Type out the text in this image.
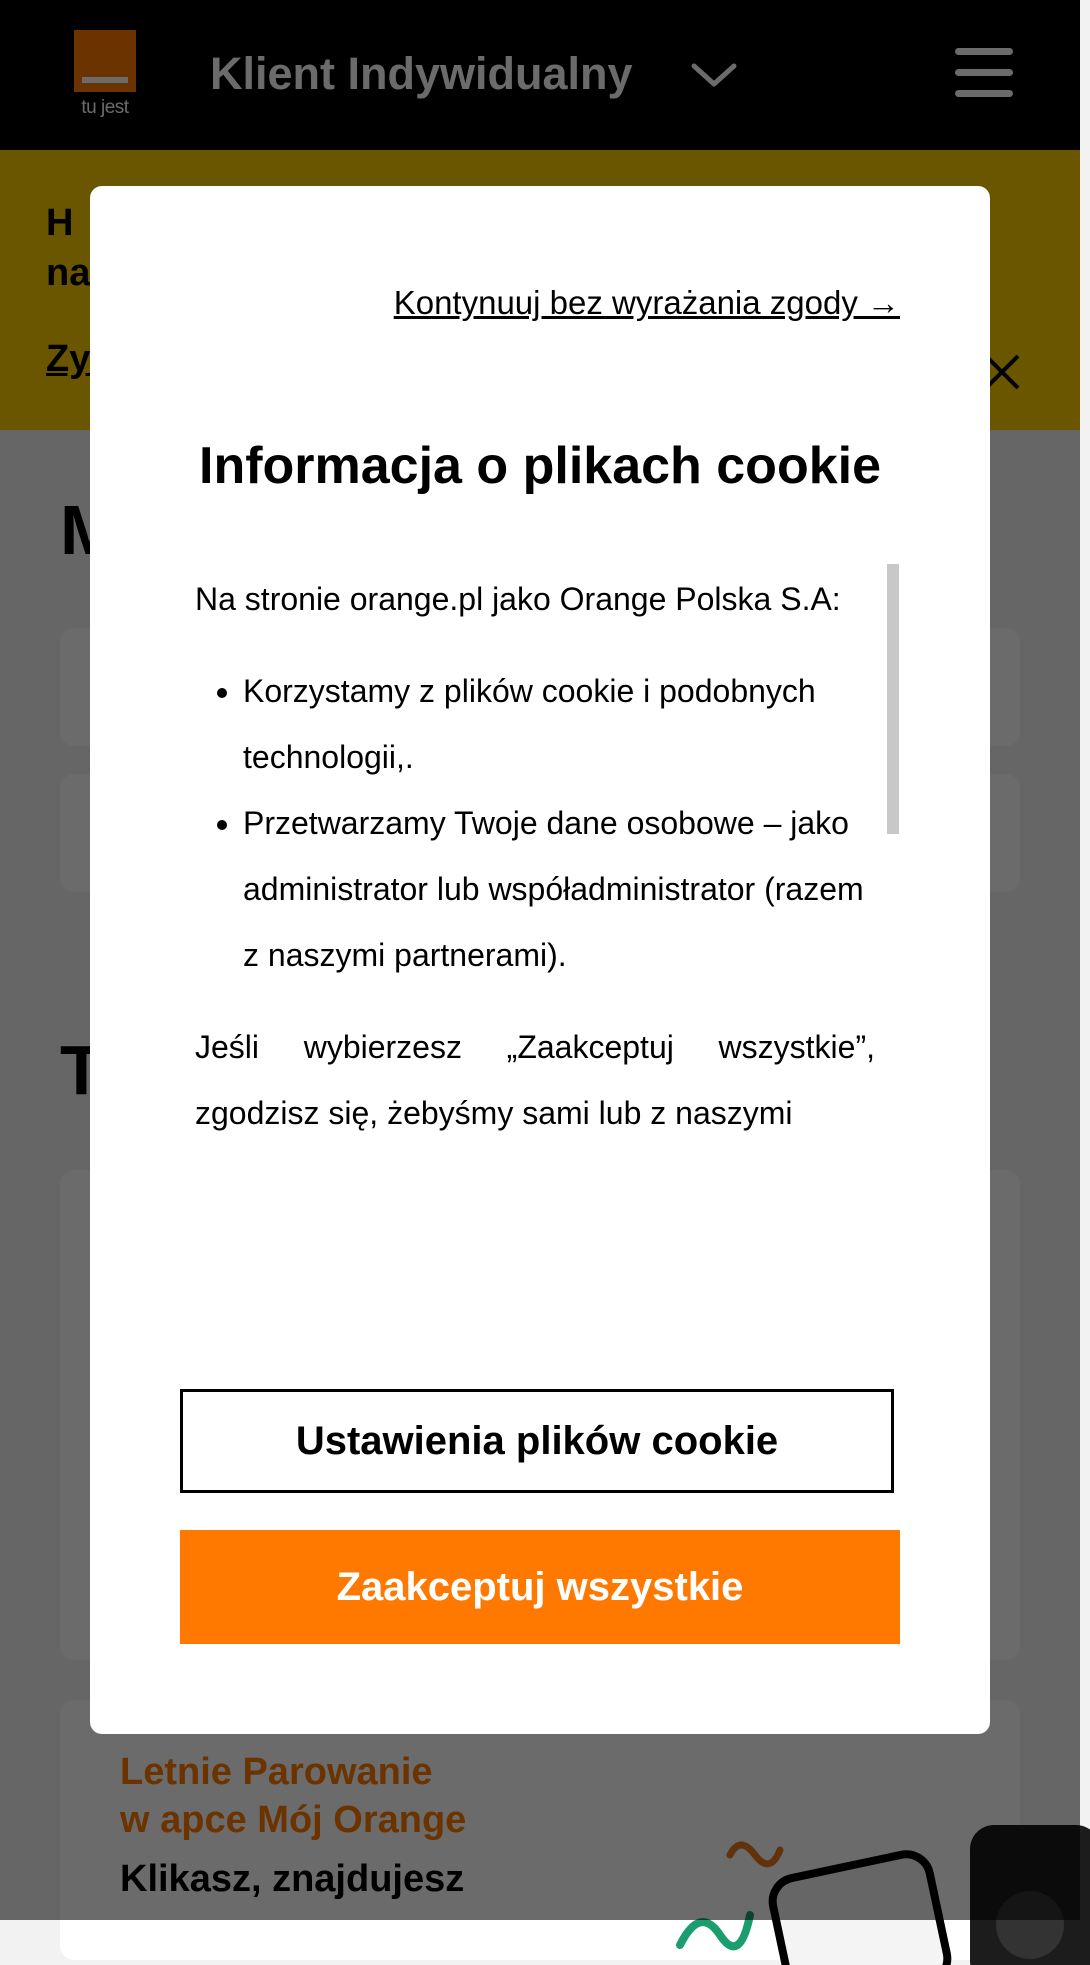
Kontynuuj bez wyrażania zgody →
Informacja o plikach cookie

Na stronie orange.pl jako Orange Polska S.A:

• Korzystamy z plików cookie i podobnych technologii,.
• Przetwarzamy Twoje dane osobowe – jako administrator lub współadministrator (razem z naszymi partnerami).

Jeśli wybierzesz „Zaakceptuj wszystkie”, zgodzisz się, żebyśmy sami lub z naszymi

Ustawienia plików cookie
Zaakceptuj wszystkie
